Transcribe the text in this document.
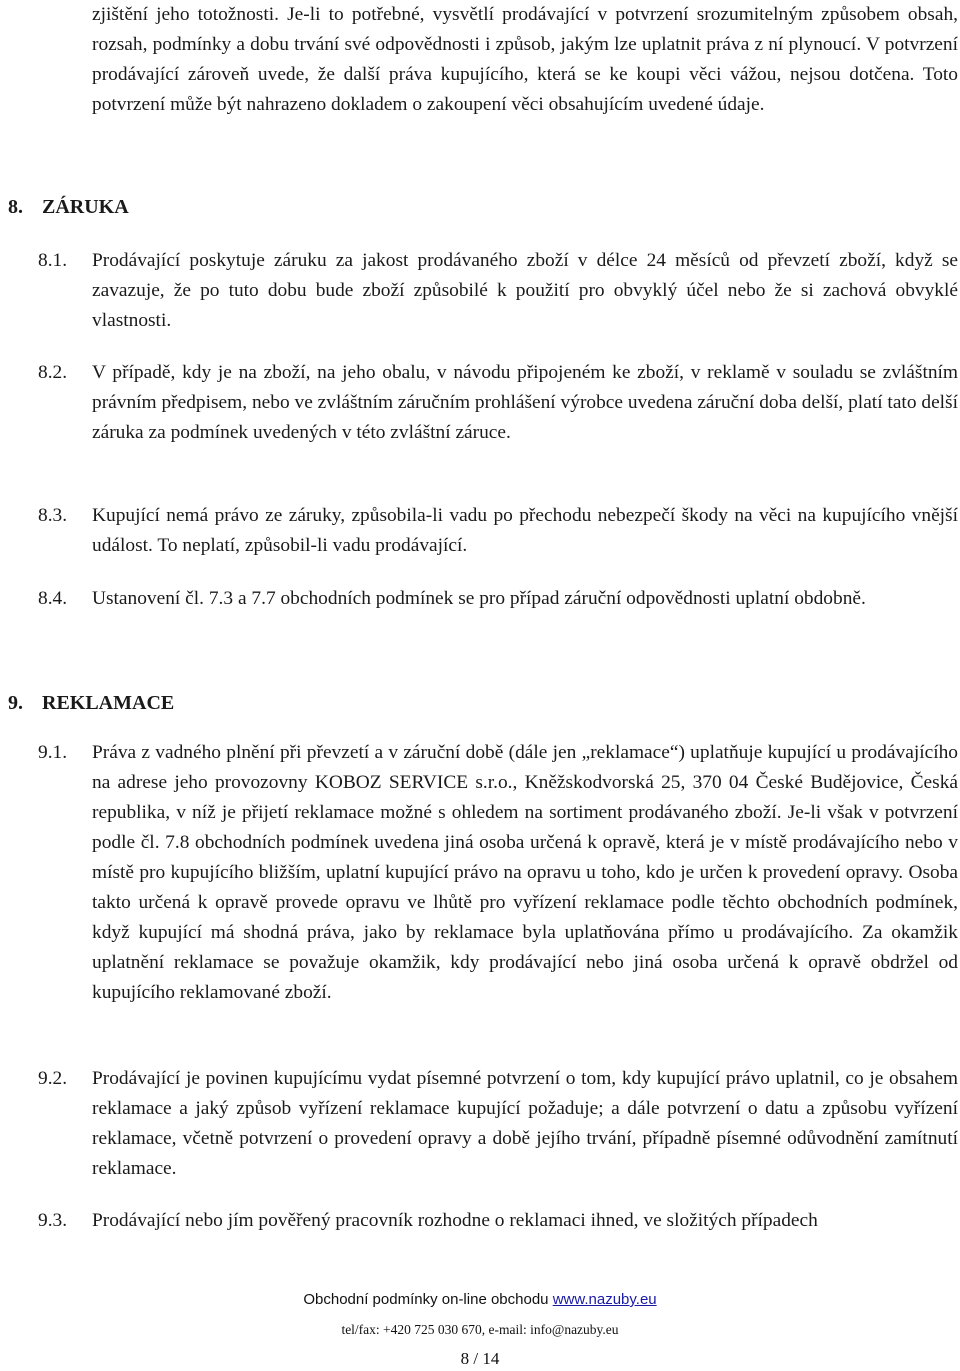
zjištění jeho totožnosti. Je-li to potřebné, vysvětlí prodávající v potvrzení srozumitelným způsobem obsah, rozsah, podmínky a dobu trvání své odpovědnosti i způsob, jakým lze uplatnit práva z ní plynoucí. V potvrzení prodávající zároveň uvede, že další práva kupujícího, která se ke koupi věci vážou, nejsou dotčena. Toto potvrzení může být nahrazeno dokladem o zakoupení věci obsahujícím uvedené údaje.

8. ZÁRUKA
8.1. Prodávající poskytuje záruku za jakost prodávaného zboží v délce 24 měsíců od převzetí zboží, když se zavazuje, že po tuto dobu bude zboží způsobilé k použití pro obvyklý účel nebo že si zachová obvyklé vlastnosti.

8.2. V případě, kdy je na zboží, na jeho obalu, v návodu připojeném ke zboží, v reklamě v souladu se zvláštním právním předpisem, nebo ve zvláštním záručním prohlášení výrobce uvedena záruční doba delší, platí tato delší záruka za podmínek uvedených v této zvláštní záruce.

8.3. Kupující nemá právo ze záruky, způsobila-li vadu po přechodu nebezpečí škody na věci na kupujícího vnější událost. To neplatí, způsobil-li vadu prodávající.

8.4. Ustanovení čl. 7.3 a 7.7 obchodních podmínek se pro případ záruční odpovědnosti uplatní obdobně.

9. REKLAMACE
9.1. Práva z vadného plnění při převzetí a v záruční době (dále jen „reklamace“) uplatňuje kupující u prodávajícího na adrese jeho provozovny KOBOZ SERVICE s.r.o., Kněžskodvorská 25, 370 04 České Budějovice, Česká republika, v níž je přijetí reklamace možné s ohledem na sortiment prodávaného zboží. Je-li však v potvrzení podle čl. 7.8 obchodních podmínek uvedena jiná osoba určená k opravě, která je v místě prodávajícího nebo v místě pro kupujícího bližším, uplatní kupující právo na opravu u toho, kdo je určen k provedení opravy. Osoba takto určená k opravě provede opravu ve lhůtě pro vyřízení reklamace podle těchto obchodních podmínek, když kupující má shodná práva, jako by reklamace byla uplatňována přímo u prodávajícího. Za okamžik uplatnění reklamace se považuje okamžik, kdy prodávající nebo jiná osoba určená k opravě obdržel od kupujícího reklamované zboží.

9.2. Prodávající je povinen kupujícímu vydat písemné potvrzení o tom, kdy kupující právo uplatnil, co je obsahem reklamace a jaký způsob vyřízení reklamace kupující požaduje; a dále potvrzení o datu a způsobu vyřízení reklamace, včetně potvrzení o provedení opravy a době jejího trvání, případně písemné odůvodnění zamítnutí reklamace.

9.3. Prodávající nebo jím pověřený pracovník rozhodne o reklamaci ihned, ve složitých případech

Obchodní podmínky on-line obchodu www.nazuby.eu
tel/fax: +420 725 030 670, e-mail: info@nazuby.eu
8 / 14
